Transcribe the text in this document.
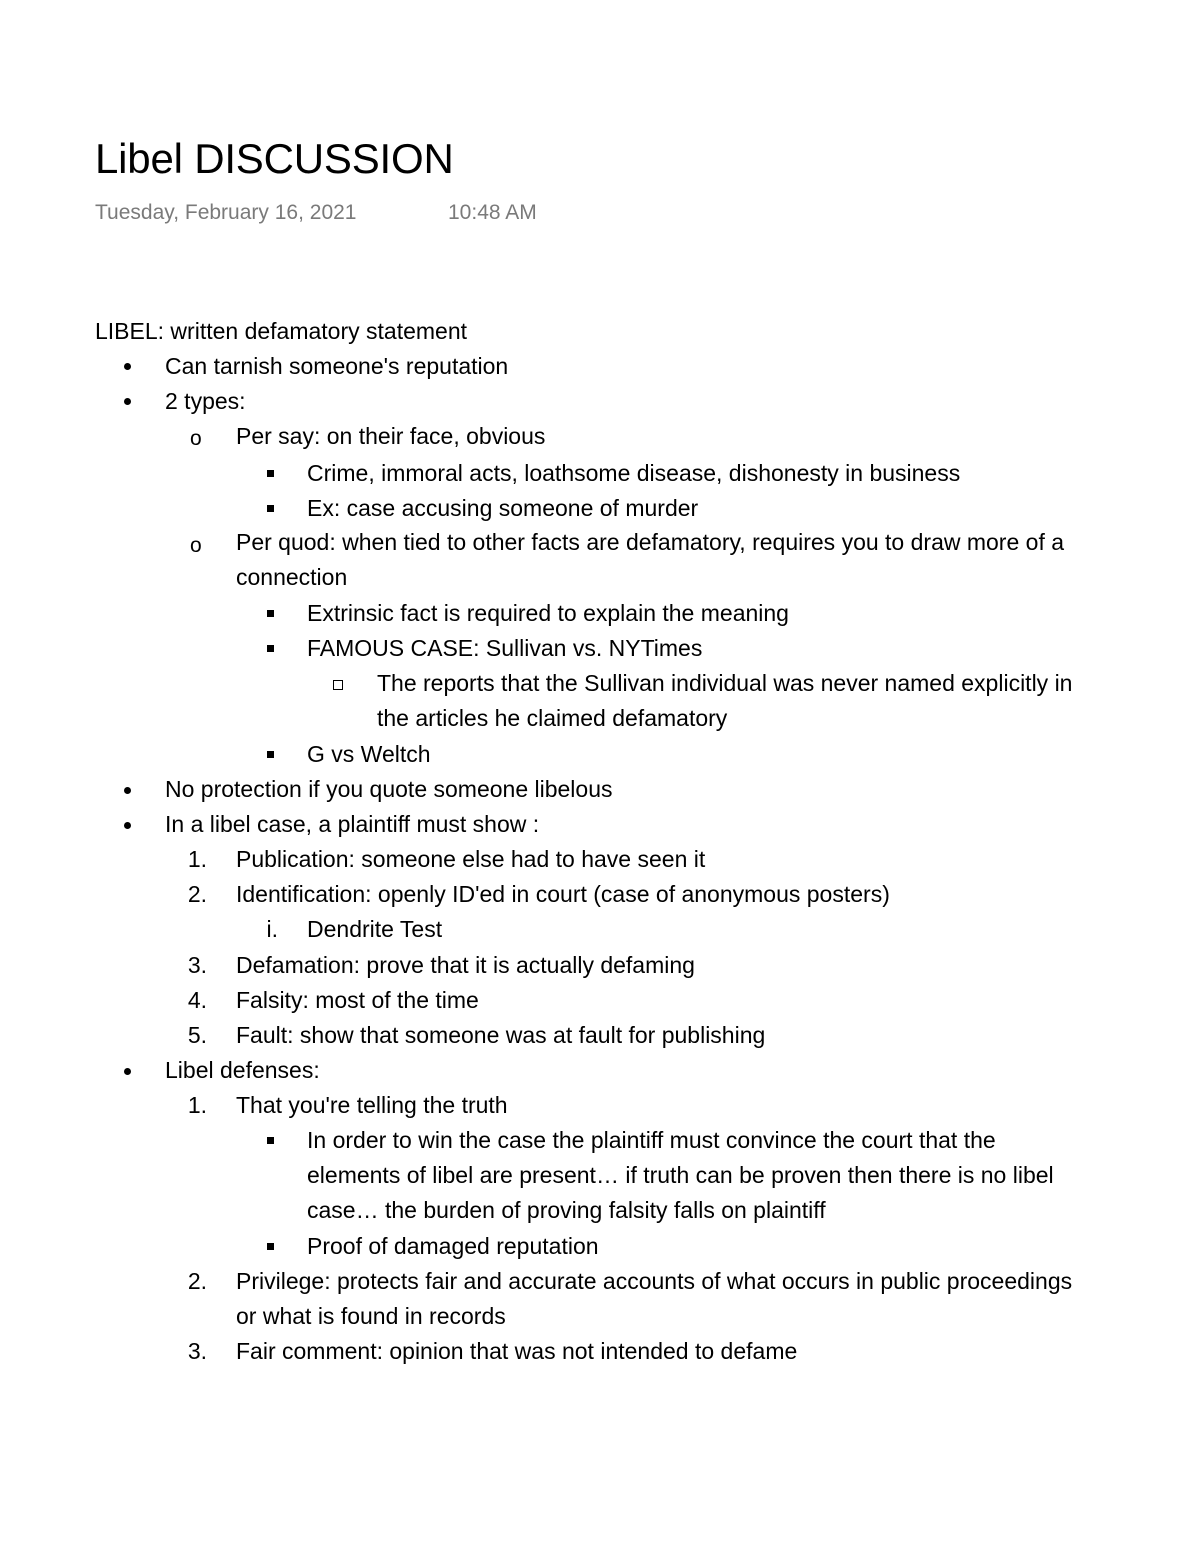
Libel DISCUSSION
Tuesday, February 16, 2021	10:48 AM
LIBEL: written defamatory statement
Can tarnish someone's reputation
2 types:
o Per say: on their face, obvious
Crime, immoral acts, loathsome disease, dishonesty in business
Ex: case accusing someone of murder
o Per quod: when tied to other facts are defamatory, requires you to draw more of a
connection
Extrinsic fact is required to explain the meaning
FAMOUS CASE: Sullivan vs. NYTimes
The reports that the Sullivan individual was never named explicitly in
the articles he claimed defamatory
G vs Weltch
No protection if you quote someone libelous
In a libel case, a plaintiff must show :
1. Publication: someone else had to have seen it
2. Identification: openly ID'ed in court (case of anonymous posters)
i. Dendrite Test
3. Defamation: prove that it is actually defaming
4. Falsity: most of the time
5. Fault: show that someone was at fault for publishing
Libel defenses:
1. That you're telling the truth
In order to win the case the plaintiff must convince the court that the
elements of libel are present… if truth can be proven then there is no libel
case… the burden of proving falsity falls on plaintiff
Proof of damaged reputation
2. Privilege: protects fair and accurate accounts of what occurs in public proceedings
or what is found in records
3. Fair comment: opinion that was not intended to defame
